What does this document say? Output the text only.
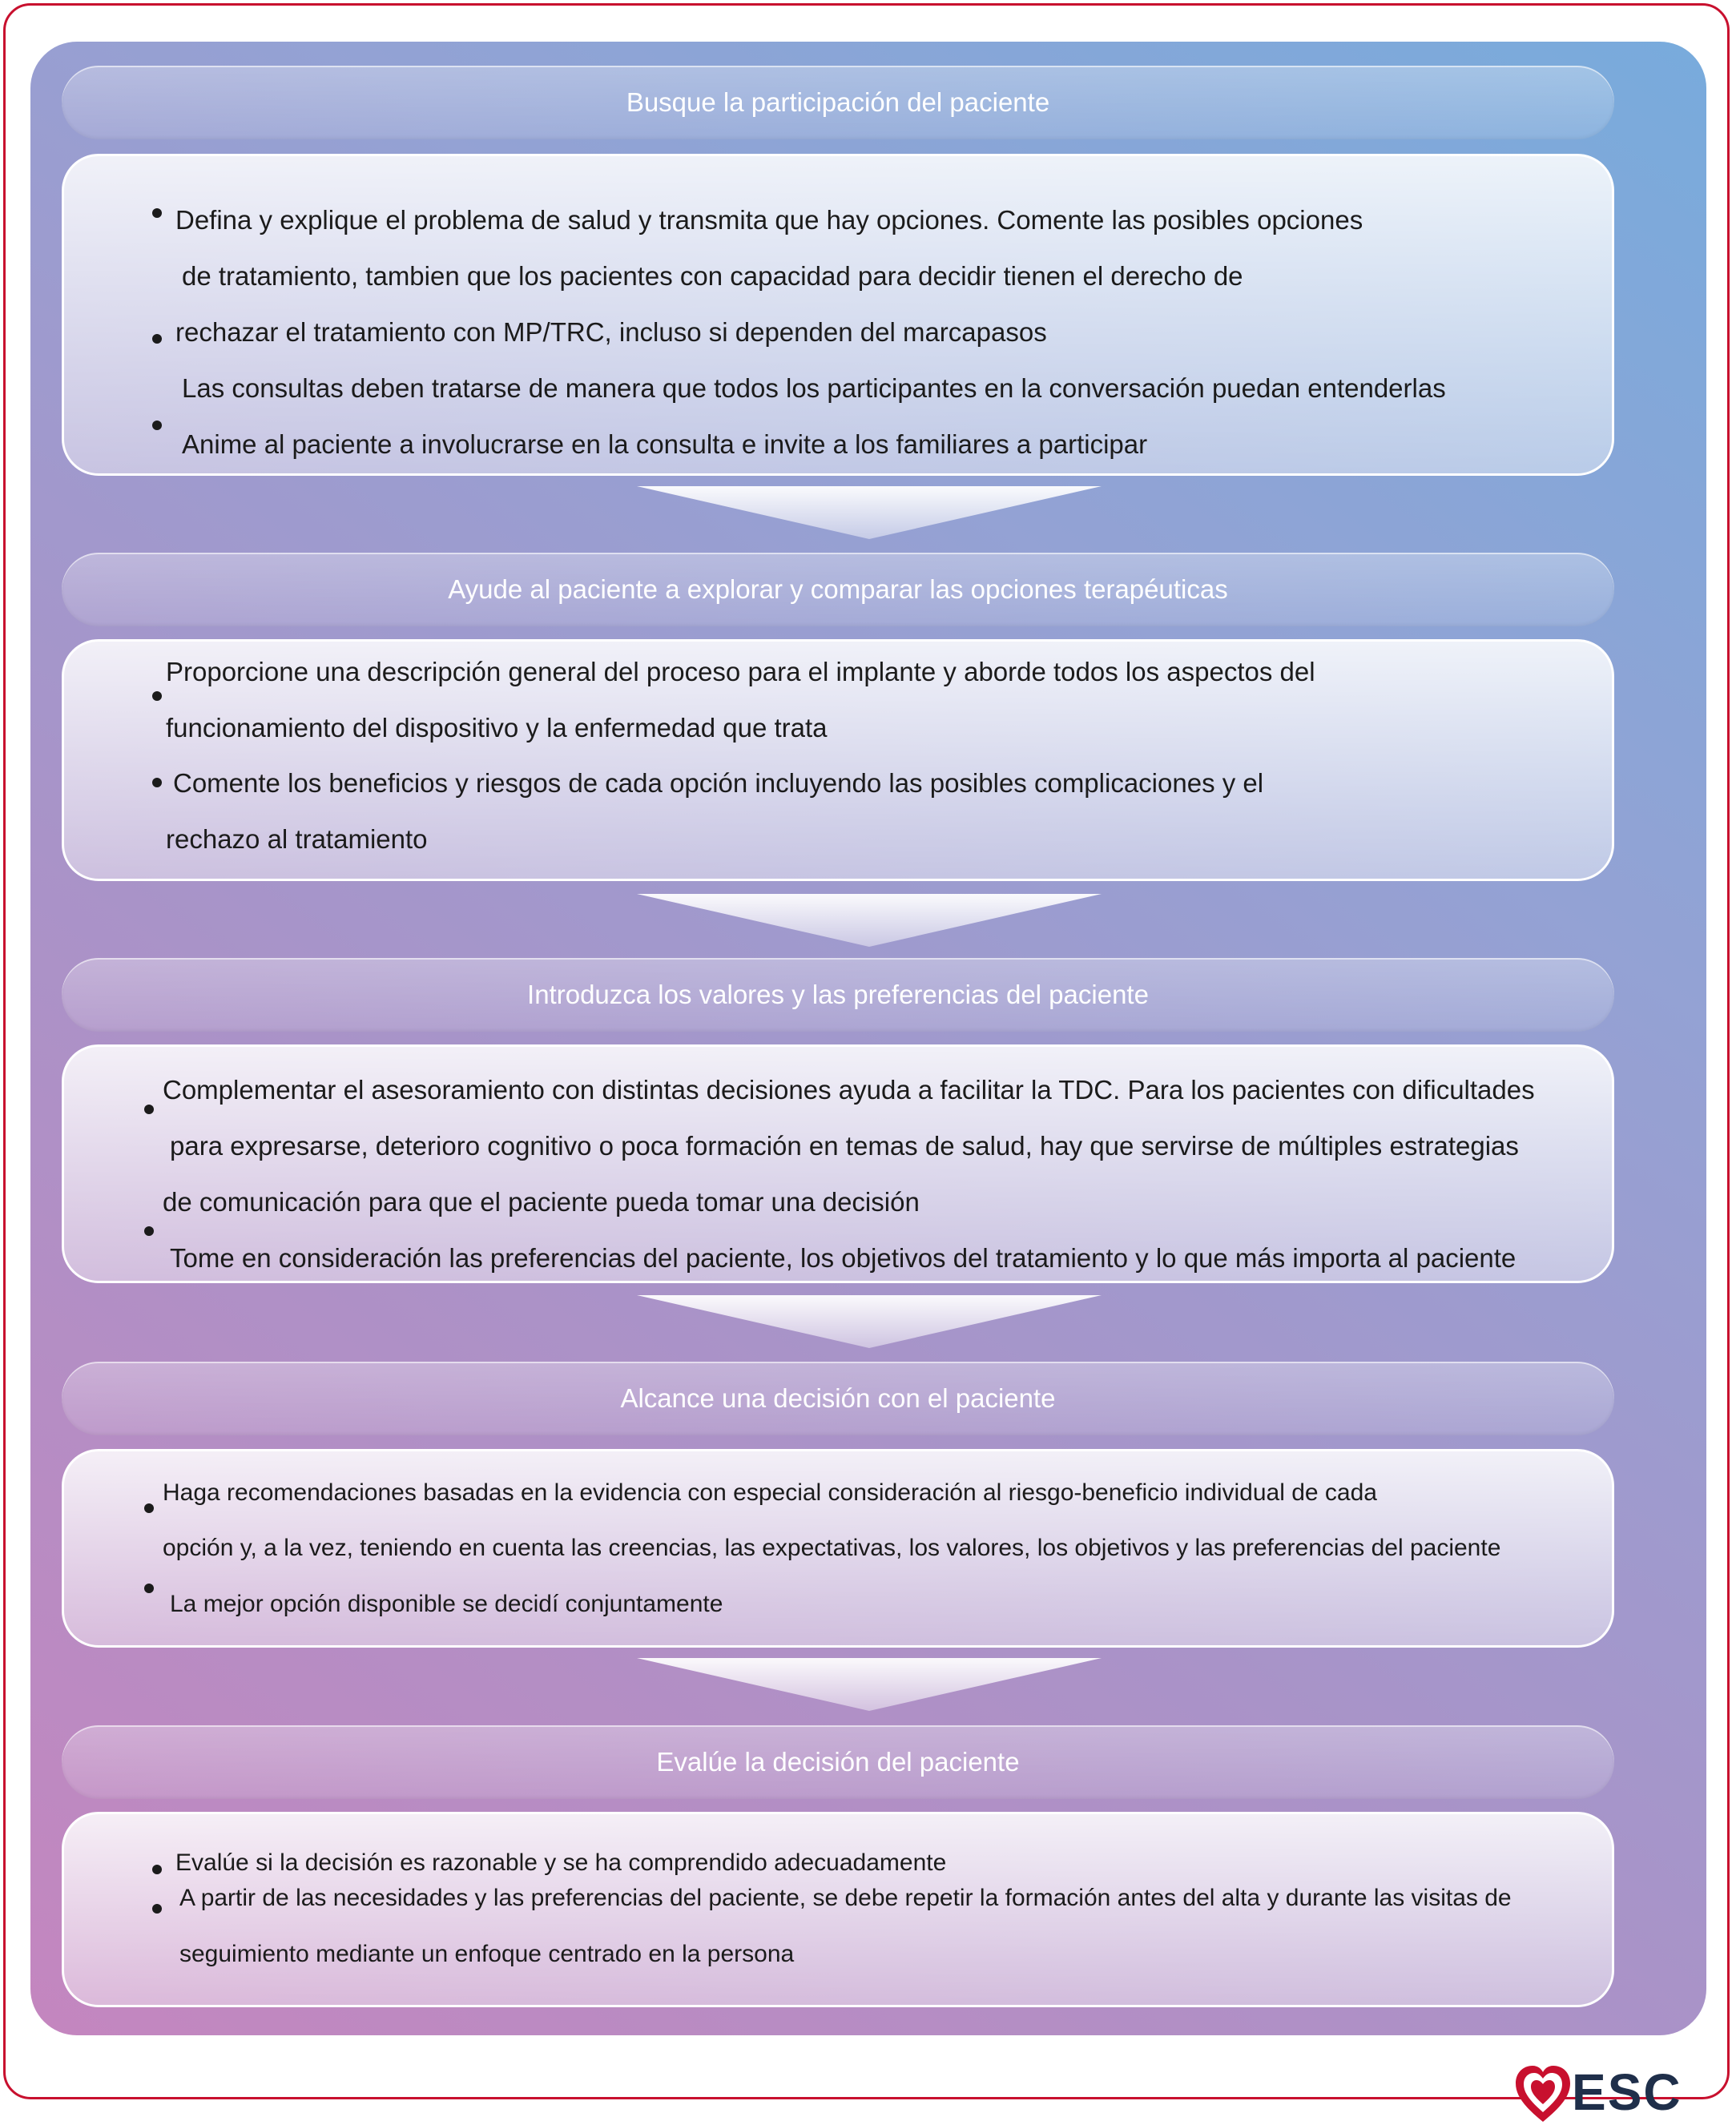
Busque la participación del paciente
Defina y explique el problema de salud y transmita que hay opciones. Comente las posibles opciones
de tratamiento, tambien que los pacientes con capacidad para decidir tienen el derecho de
rechazar el tratamiento con MP/TRC, incluso si dependen del marcapasos
Las consultas deben tratarse de manera que todos los participantes en la conversación puedan entenderlas
Anime al paciente a involucrarse en la consulta e invite a los familiares a participar
Ayude al paciente a explorar y comparar las opciones terapéuticas
Proporcione una descripción general del proceso para el implante y aborde todos los aspectos del
funcionamiento del dispositivo y la enfermedad que trata
Comente los beneficios y riesgos de cada opción incluyendo las posibles complicaciones y el
rechazo al tratamiento
Introduzca los valores y las preferencias del paciente
Complementar el asesoramiento con distintas decisiones ayuda a facilitar la TDC. Para los pacientes con dificultades
para expresarse, deterioro cognitivo o poca formación en temas de salud, hay que servirse de múltiples estrategias
de comunicación para que el paciente pueda tomar una decisión
Tome en consideración las preferencias del paciente, los objetivos del tratamiento y lo que más importa al paciente
Alcance una decisión con el paciente
Haga recomendaciones basadas en la evidencia con especial consideración al riesgo-beneficio individual de cada
opción y, a la vez, teniendo en cuenta las creencias, las expectativas, los valores, los objetivos y las preferencias del paciente
La mejor opción disponible se decidí conjuntamente
Evalúe la decisión del paciente
Evalúe si la decisión es razonable y se ha comprendido adecuadamente
A partir de las necesidades y las preferencias del paciente, se debe repetir la formación antes del alta y durante las visitas de
seguimiento mediante un enfoque centrado en la persona
ESC
